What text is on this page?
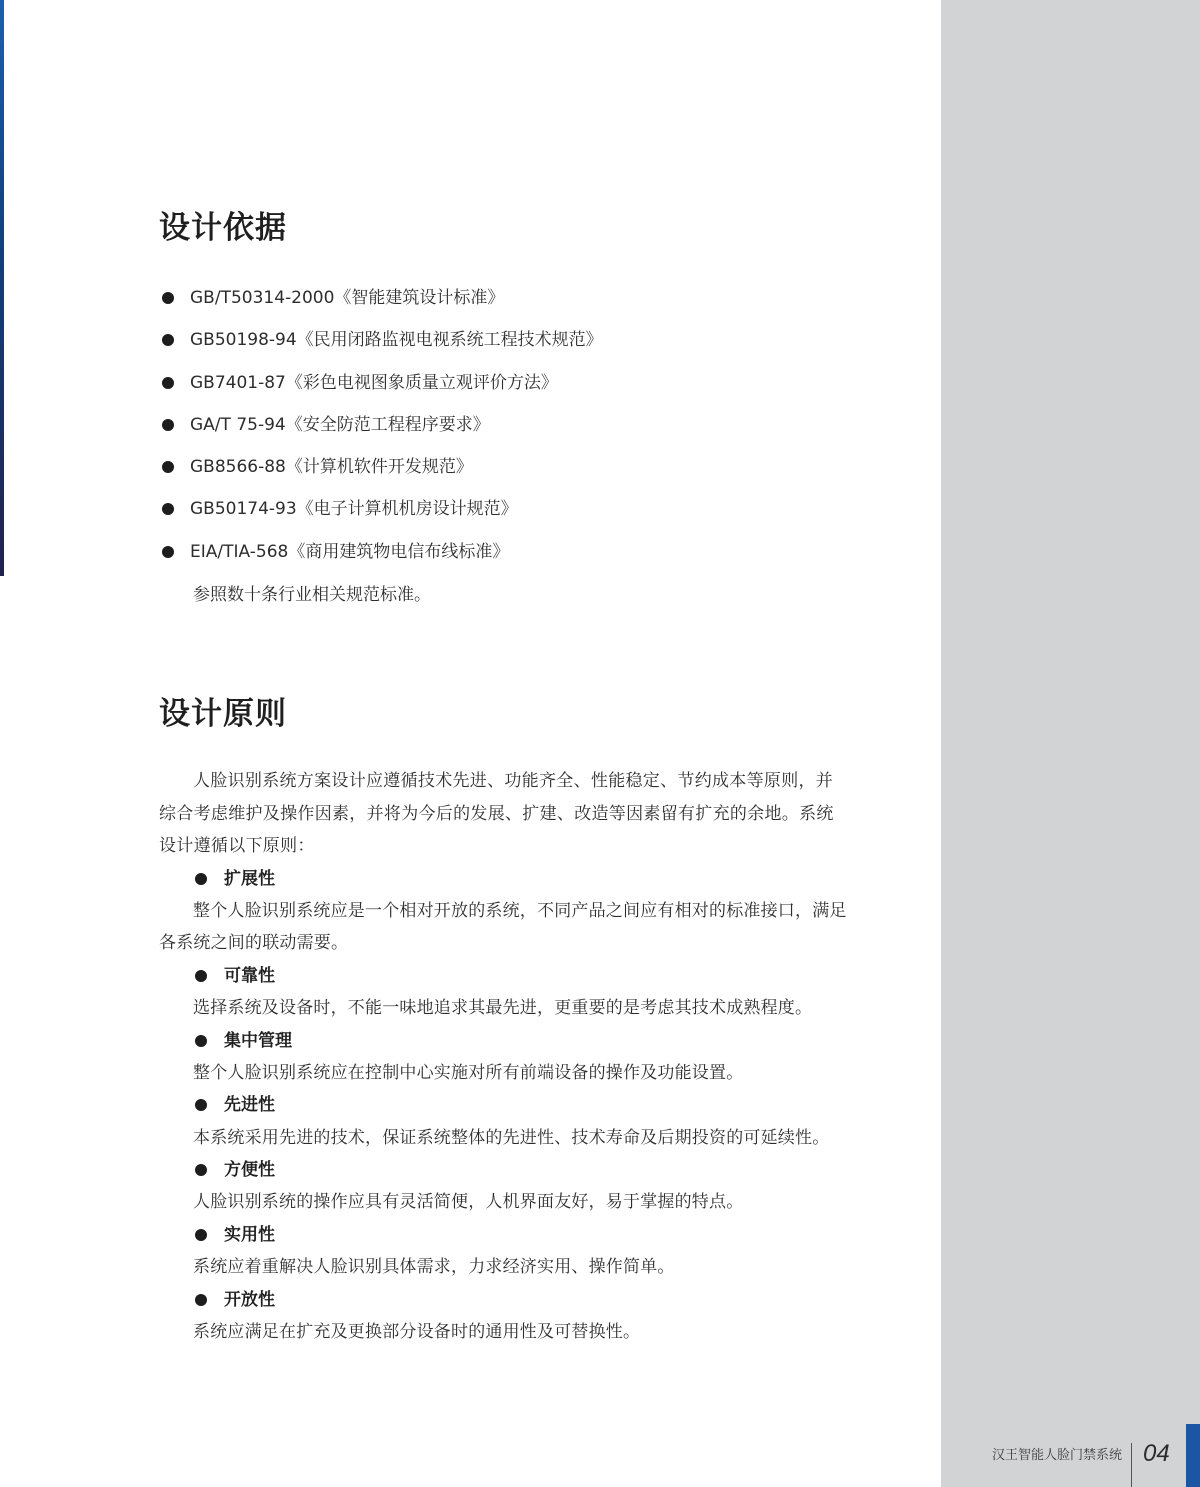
汉王智能人脸门禁系统 04
设计依据
GB/T50314-2000《智能建筑设计标准》
GB50198-94《民用闭路监视电视系统工程技术规范》
GB7401-87《彩色电视图象质量立观评价方法》
GA/T 75-94《安全防范工程程序要求》
GB8566-88《计算机软件开发规范》
GB50174-93《电子计算机机房设计规范》
EIA/TIA-568《商用建筑物电信布线标准》
参照数十条行业相关规范标准。
设计原则

人脸识别系统方案设计应遵循技术先进、功能齐全、性能稳定、节约成本等原则，并综合考虑维护及操作因素，并将为今后的发展、扩建、改造等因素留有扩充的余地。系统设计遵循以下原则：

扩展性

整个人脸识别系统应是一个相对开放的系统，不同产品之间应有相对的标准接口，满足各系统之间的联动需要。

可靠性

选择系统及设备时，不能一味地追求其最先进，更重要的是考虑其技术成熟程度。

集中管理

整个人脸识别系统应在控制中心实施对所有前端设备的操作及功能设置。

先进性

本系统采用先进的技术，保证系统整体的先进性、技术寿命及后期投资的可延续性。

方便性

人脸识别系统的操作应具有灵活简便，人机界面友好，易于掌握的特点。

实用性

系统应着重解决人脸识别具体需求，力求经济实用、操作简单。

开放性

系统应满足在扩充及更换部分设备时的通用性及可替换性。
